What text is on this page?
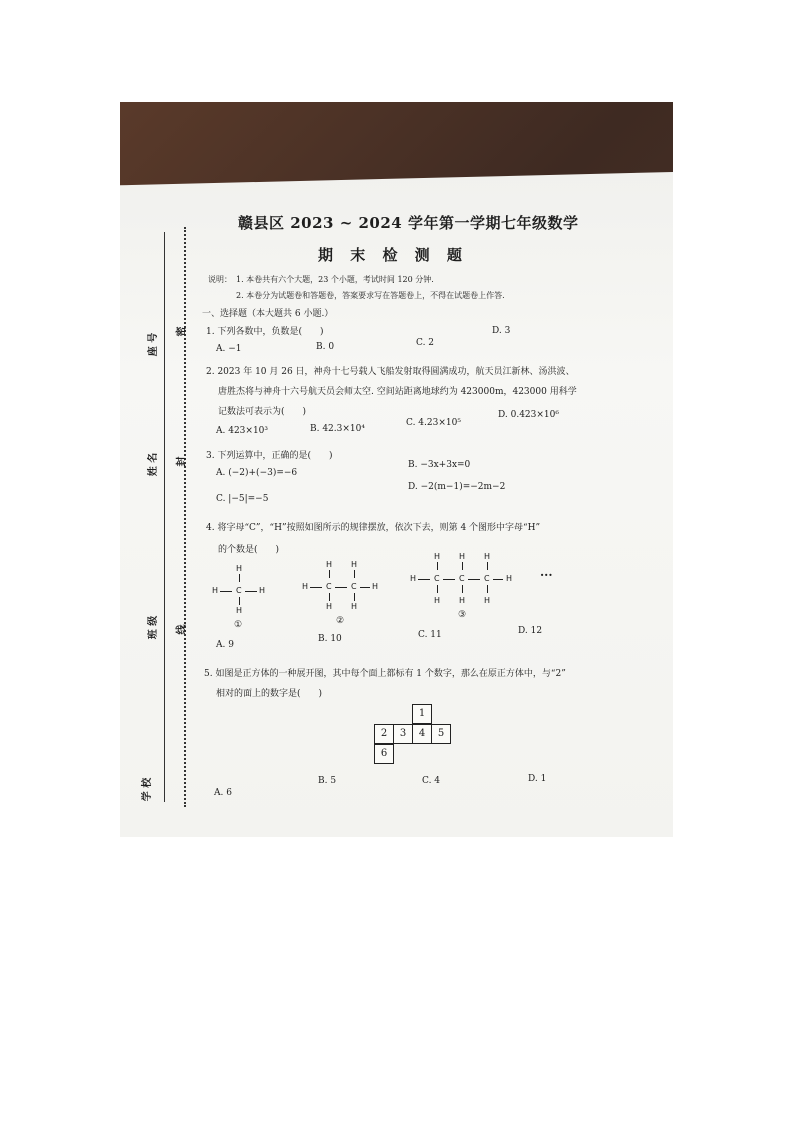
座 号
姓 名
班 级
学 校
密
封
线
赣县区 2023 ~ 2024 学年第一学期七年级数学
期 末 检 测 题
说明： 1. 本卷共有六个大题，23 个小题，考试时间 120 分钟.
2. 本卷分为试题卷和答题卷，答案要求写在答题卷上，不得在试题卷上作答.
一、选择题（本大题共 6 小题.）
1. 下列各数中，负数是(　　)
A. −1	B. 0	C. 2
D. 3
2. 2023 年 10 月 26 日，神舟十七号载人飞船发射取得圆满成功，航天员江新林、汤洪波、
唐胜杰将与神舟十六号航天员会师太空. 空间站距离地球约为 423000m，423000 用科学
记数法可表示为(　　)
A. 423×10³	B. 42.3×10⁴
C. 4.23×10⁵
D. 0.423×10⁶
3. 下列运算中，正确的是(　　)
A. (−2)+(−3)=−6
B. −3x+3x=0
C. |−5|=−5
D. −2(m−1)=−2m−2
4. 将字母“C”，“H”按照如图所示的规律摆放，依次下去，则第 4 个图形中字母“H”
的个数是(　　)
H
H C H
H
①
H H
H C C H
H H
②
H H H
H C C C H
H H H
③
···
A. 9
B. 10	C. 11	D. 12
5. 如图是正方体的一种展开图，其中每个面上都标有 1 个数字，那么在原正方体中，与“2”
相对的面上的数字是(　　)
1
2	3	4	5
6
A. 6
B. 5	C. 4	D. 1
